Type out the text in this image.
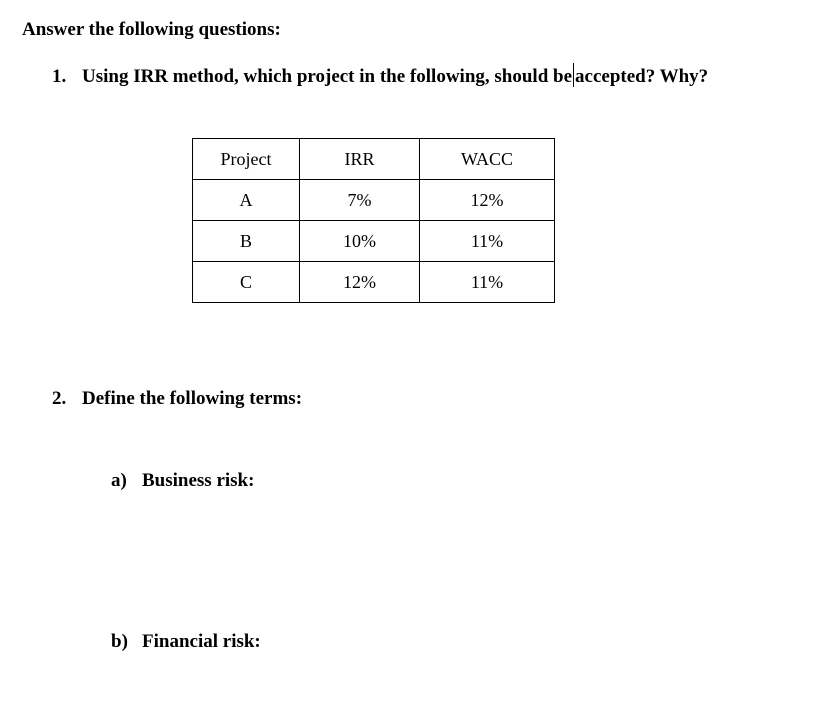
Answer the following questions:
1. Using IRR method, which project in the following, should be accepted? Why?
Project	IRR	WACC
A	7%	12%
B	10%	11%
C	12%	11%
2. Define the following terms:
a) Business risk:
b) Financial risk:
